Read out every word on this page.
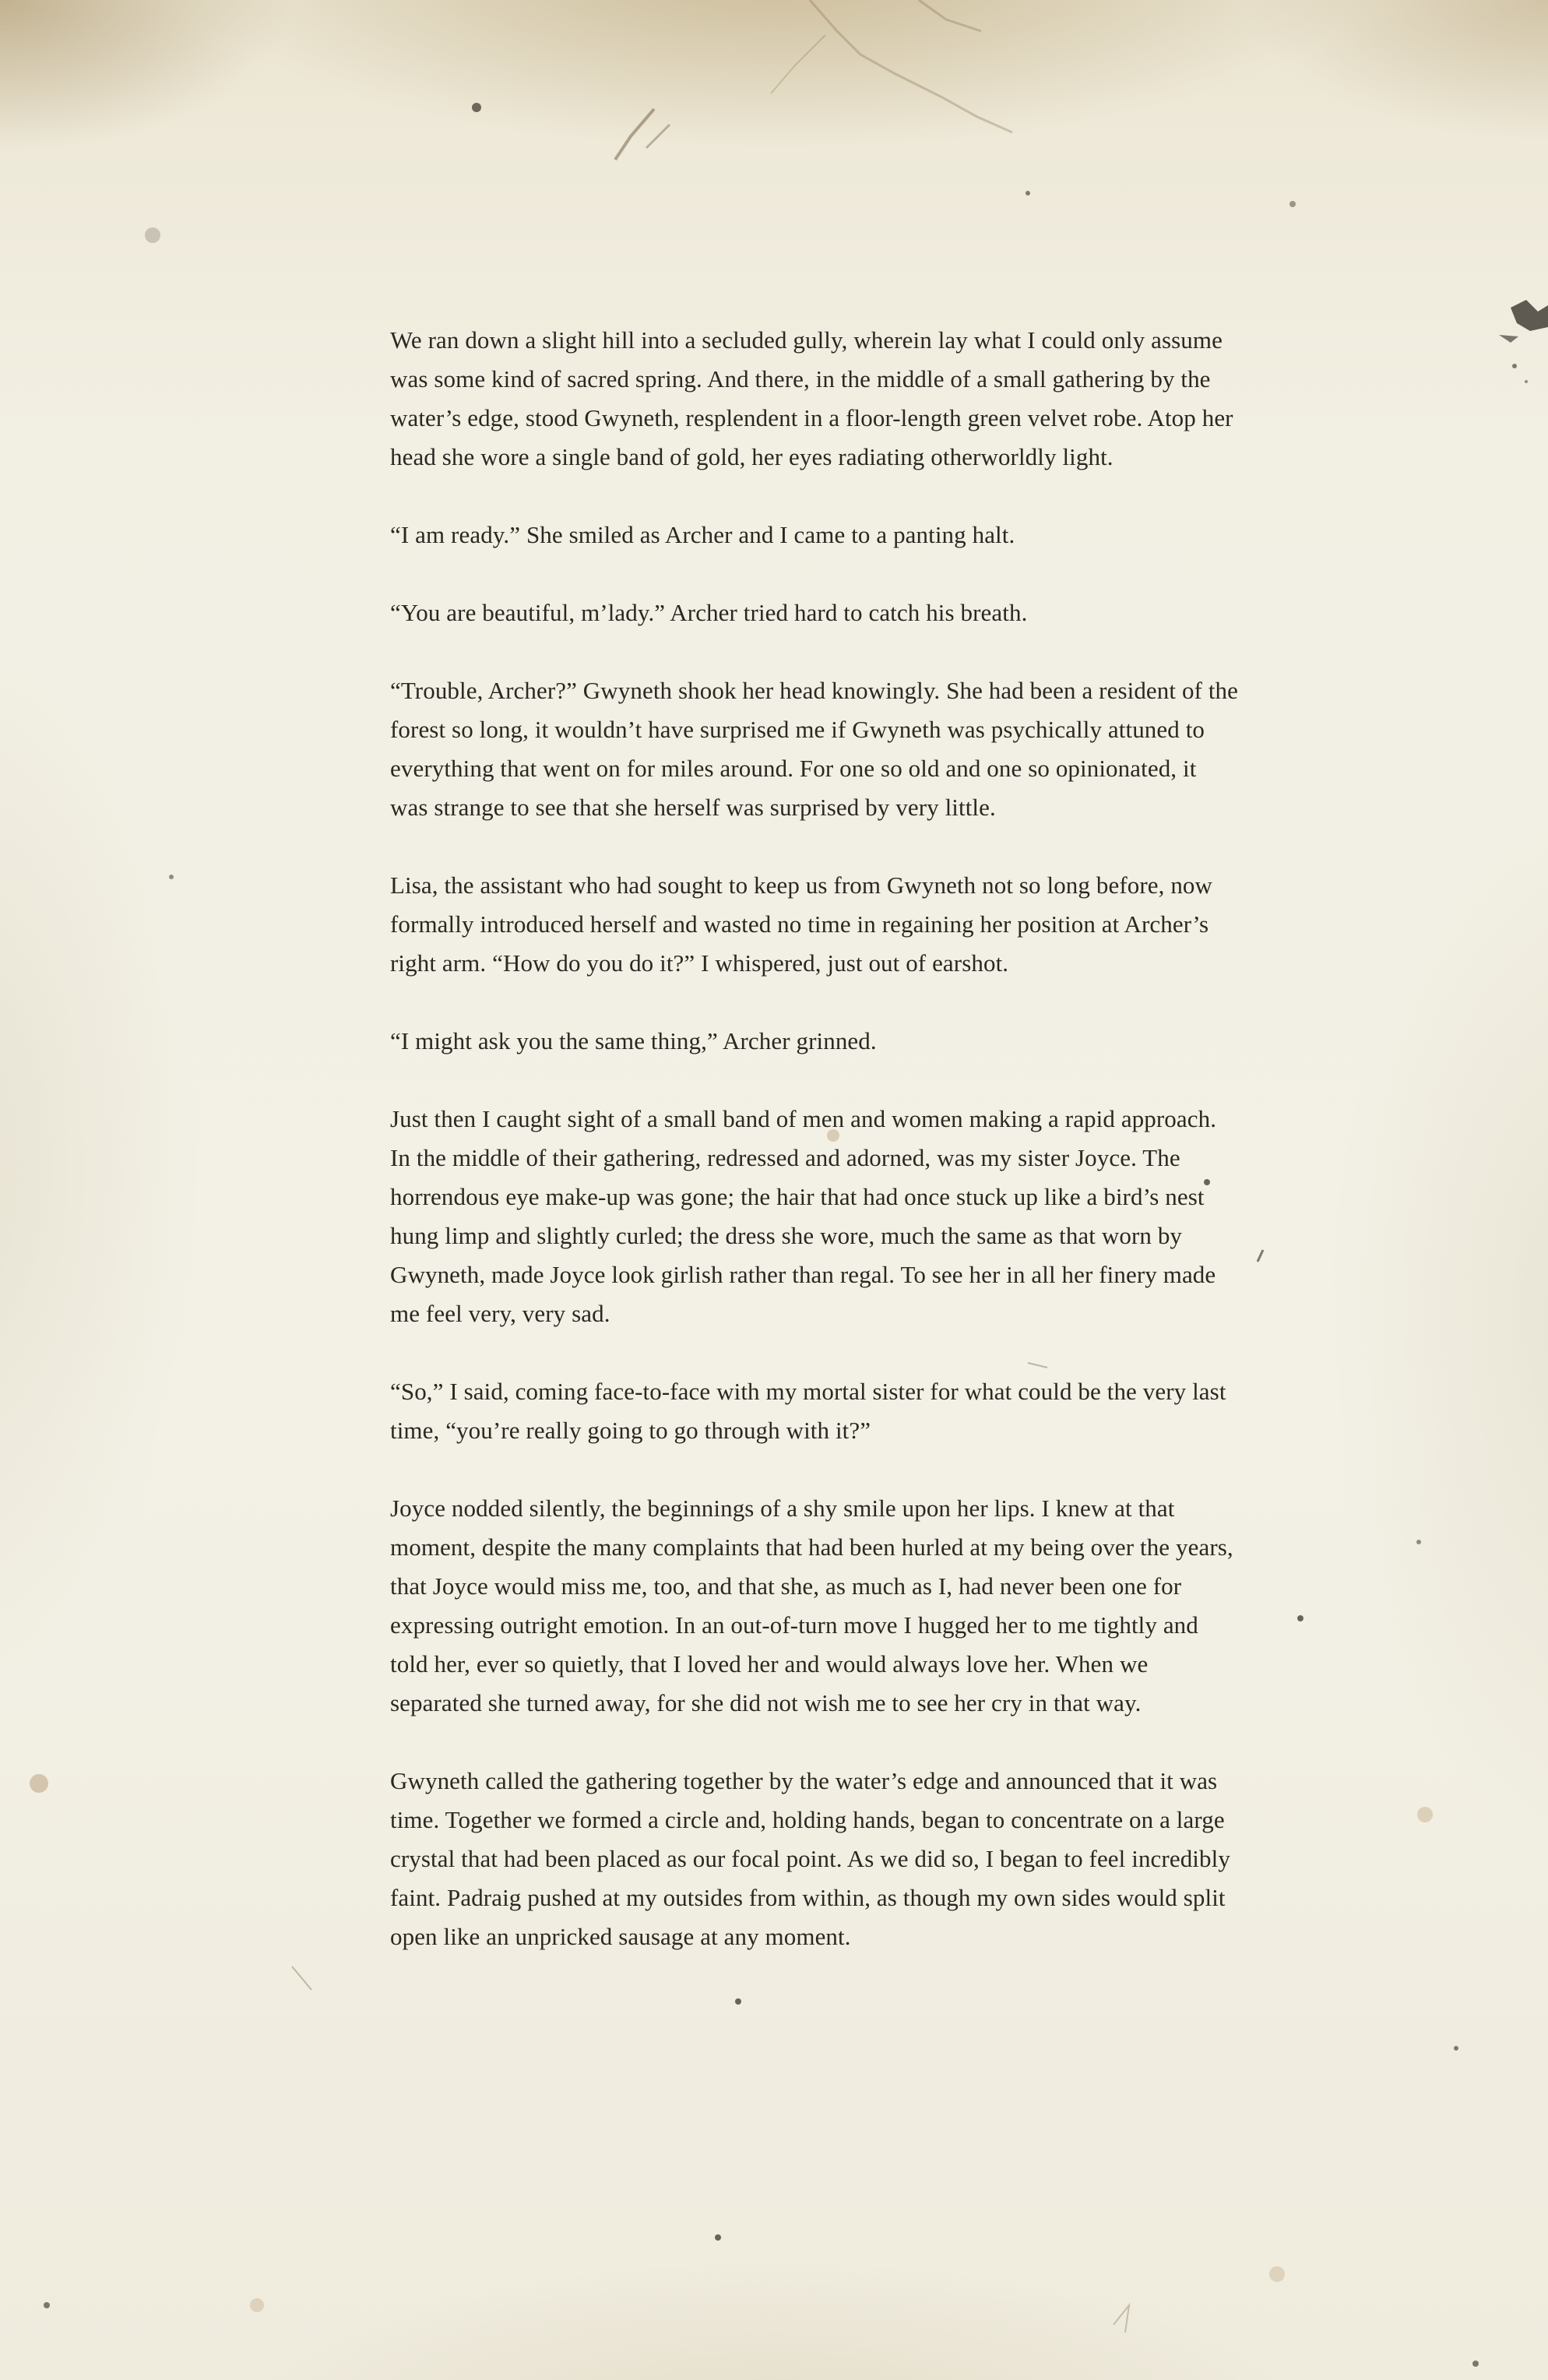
We ran down a slight hill into a secluded gully, wherein lay what I could only assume was some kind of sacred spring. And there, in the middle of a small gathering by the water’s edge, stood Gwyneth, resplendent in a floor-length green velvet robe. Atop her head she wore a single band of gold, her eyes radiating otherworldly light.

“I am ready.” She smiled as Archer and I came to a panting halt.

“You are beautiful, m’lady.” Archer tried hard to catch his breath.

“Trouble, Archer?” Gwyneth shook her head knowingly. She had been a resident of the forest so long, it wouldn’t have surprised me if Gwyneth was psychically attuned to everything that went on for miles around. For one so old and one so opinionated, it was strange to see that she herself was surprised by very little.

Lisa, the assistant who had sought to keep us from Gwyneth not so long before, now formally introduced herself and wasted no time in regaining her position at Archer’s right arm. “How do you do it?” I whispered, just out of earshot.

“I might ask you the same thing,” Archer grinned.

Just then I caught sight of a small band of men and women making a rapid approach. In the middle of their gathering, redressed and adorned, was my sister Joyce. The horrendous eye make-up was gone; the hair that had once stuck up like a bird’s nest hung limp and slightly curled; the dress she wore, much the same as that worn by Gwyneth, made Joyce look girlish rather than regal. To see her in all her finery made me feel very, very sad.

“So,” I said, coming face-to-face with my mortal sister for what could be the very last time, “you’re really going to go through with it?”

Joyce nodded silently, the beginnings of a shy smile upon her lips. I knew at that moment, despite the many complaints that had been hurled at my being over the years, that Joyce would miss me, too, and that she, as much as I, had never been one for expressing outright emotion. In an out-of-turn move I hugged her to me tightly and told her, ever so quietly, that I loved her and would always love her. When we separated she turned away, for she did not wish me to see her cry in that way.

Gwyneth called the gathering together by the water’s edge and announced that it was time. Together we formed a circle and, holding hands, began to concentrate on a large crystal that had been placed as our focal point. As we did so, I began to feel incredibly faint. Padraig pushed at my outsides from within, as though my own sides would split open like an unpricked sausage at any moment.
